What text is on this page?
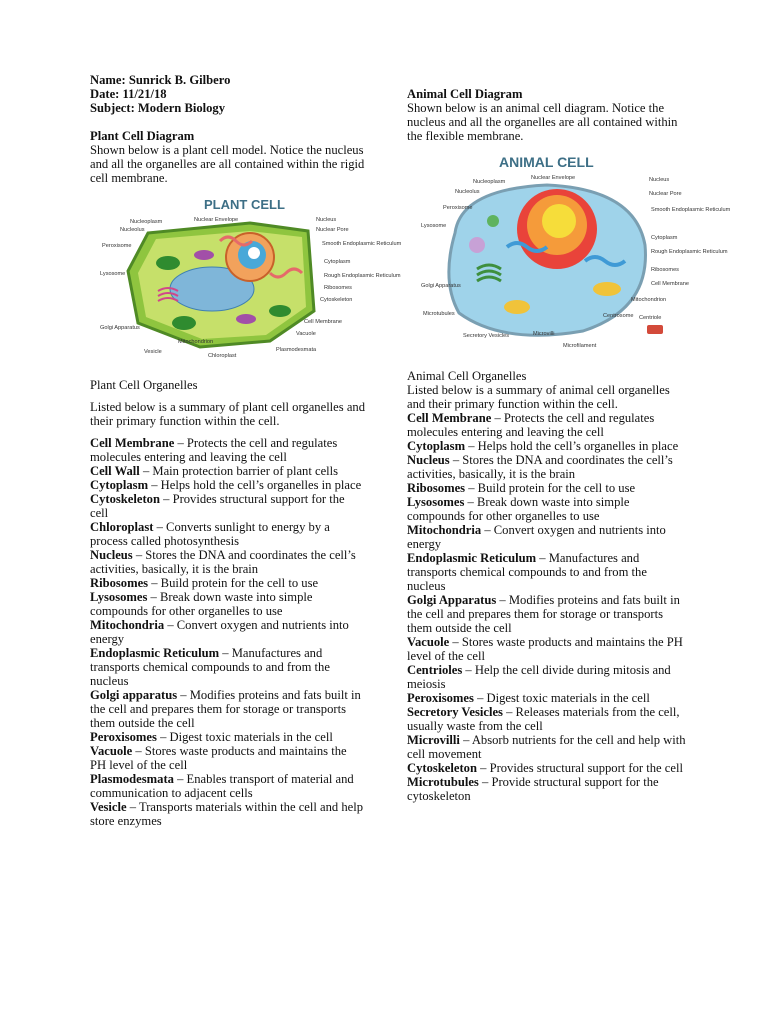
Name: Sunrick B. Gilbero

Date: 11/21/18

Subject: Modern Biology

Plant Cell Diagram

Shown below is a plant cell model. Notice the nucleus and all the organelles are all contained within the rigid cell membrane.

PLANT CELL
Nucleoplasm
Nucleolus
Nuclear Envelope	Nucleus
Nuclear Pore
Peroxisome	Smooth Endoplasmic Reticulum
Lysosome
Cytoplasm
Rough Endoplasmic Reticulum
Ribosomes
Cytoskeleton
Golgi Apparatus
Cell Membrane
Vacuole
Mitochondrion
Vesicle
Chloroplast
Plasmodesmata

Plant Cell Organelles

Listed below is a summary of plant cell organelles and their primary function within the cell.

Cell Membrane – Protects the cell and regulates molecules entering and leaving the cell

Cell Wall – Main protection barrier of plant cells

Cytoplasm – Helps hold the cell’s organelles in place

Cytoskeleton – Provides structural support for the cell

Chloroplast – Converts sunlight to energy by a process called photosynthesis

Nucleus – Stores the DNA and coordinates the cell’s activities, basically, it is the brain

Ribosomes – Build protein for the cell to use

Lysosomes – Break down waste into simple compounds for other organelles to use

Mitochondria – Convert oxygen and nutrients into energy

Endoplasmic Reticulum – Manufactures and transports chemical compounds to and from the nucleus

Golgi apparatus – Modifies proteins and fats built in the cell and prepares them for storage or transports them outside the cell

Peroxisomes – Digest toxic materials in the cell

Vacuole – Stores waste products and maintains the PH level of the cell

Plasmodesmata – Enables transport of material and communication to adjacent cells

Vesicle – Transports materials within the cell and help store enzymes

Animal Cell Diagram

Shown below is an animal cell diagram. Notice the nucleus and all the organelles are all contained within the flexible membrane.

ANIMAL CELL
Nucleoplasm
Nuclear Envelope	Nucleus
Nucleolus	Nuclear Pore
Peroxisome	Smooth Endoplasmic Reticulum
Lysosome
Cytoplasm
Rough Endoplasmic Reticulum
Ribosomes
Golgi Apparatus	Cell Membrane
Mitochondrion
Microtubules	Centrosome Centriole
Secretory Vesicles	Microvilli
Microfilament

Animal Cell Organelles

Listed below is a summary of animal cell organelles and their primary function within the cell.

Cell Membrane – Protects the cell and regulates molecules entering and leaving the cell

Cytoplasm – Helps hold the cell’s organelles in place

Nucleus – Stores the DNA and coordinates the cell’s activities, basically, it is the brain

Ribosomes – Build protein for the cell to use

Lysosomes – Break down waste into simple compounds for other organelles to use

Mitochondria – Convert oxygen and nutrients into energy

Endoplasmic Reticulum – Manufactures and transports chemical compounds to and from the nucleus

Golgi Apparatus – Modifies proteins and fats built in the cell and prepares them for storage or transports them outside the cell

Vacuole – Stores waste products and maintains the PH level of the cell

Centrioles – Help the cell divide during mitosis and meiosis

Peroxisomes – Digest toxic materials in the cell

Secretory Vesicles – Releases materials from the cell, usually waste from the cell

Microvilli – Absorb nutrients for the cell and help with cell movement

Cytoskeleton – Provides structural support for the cell

Microtubules – Provide structural support for the cytoskeleton
